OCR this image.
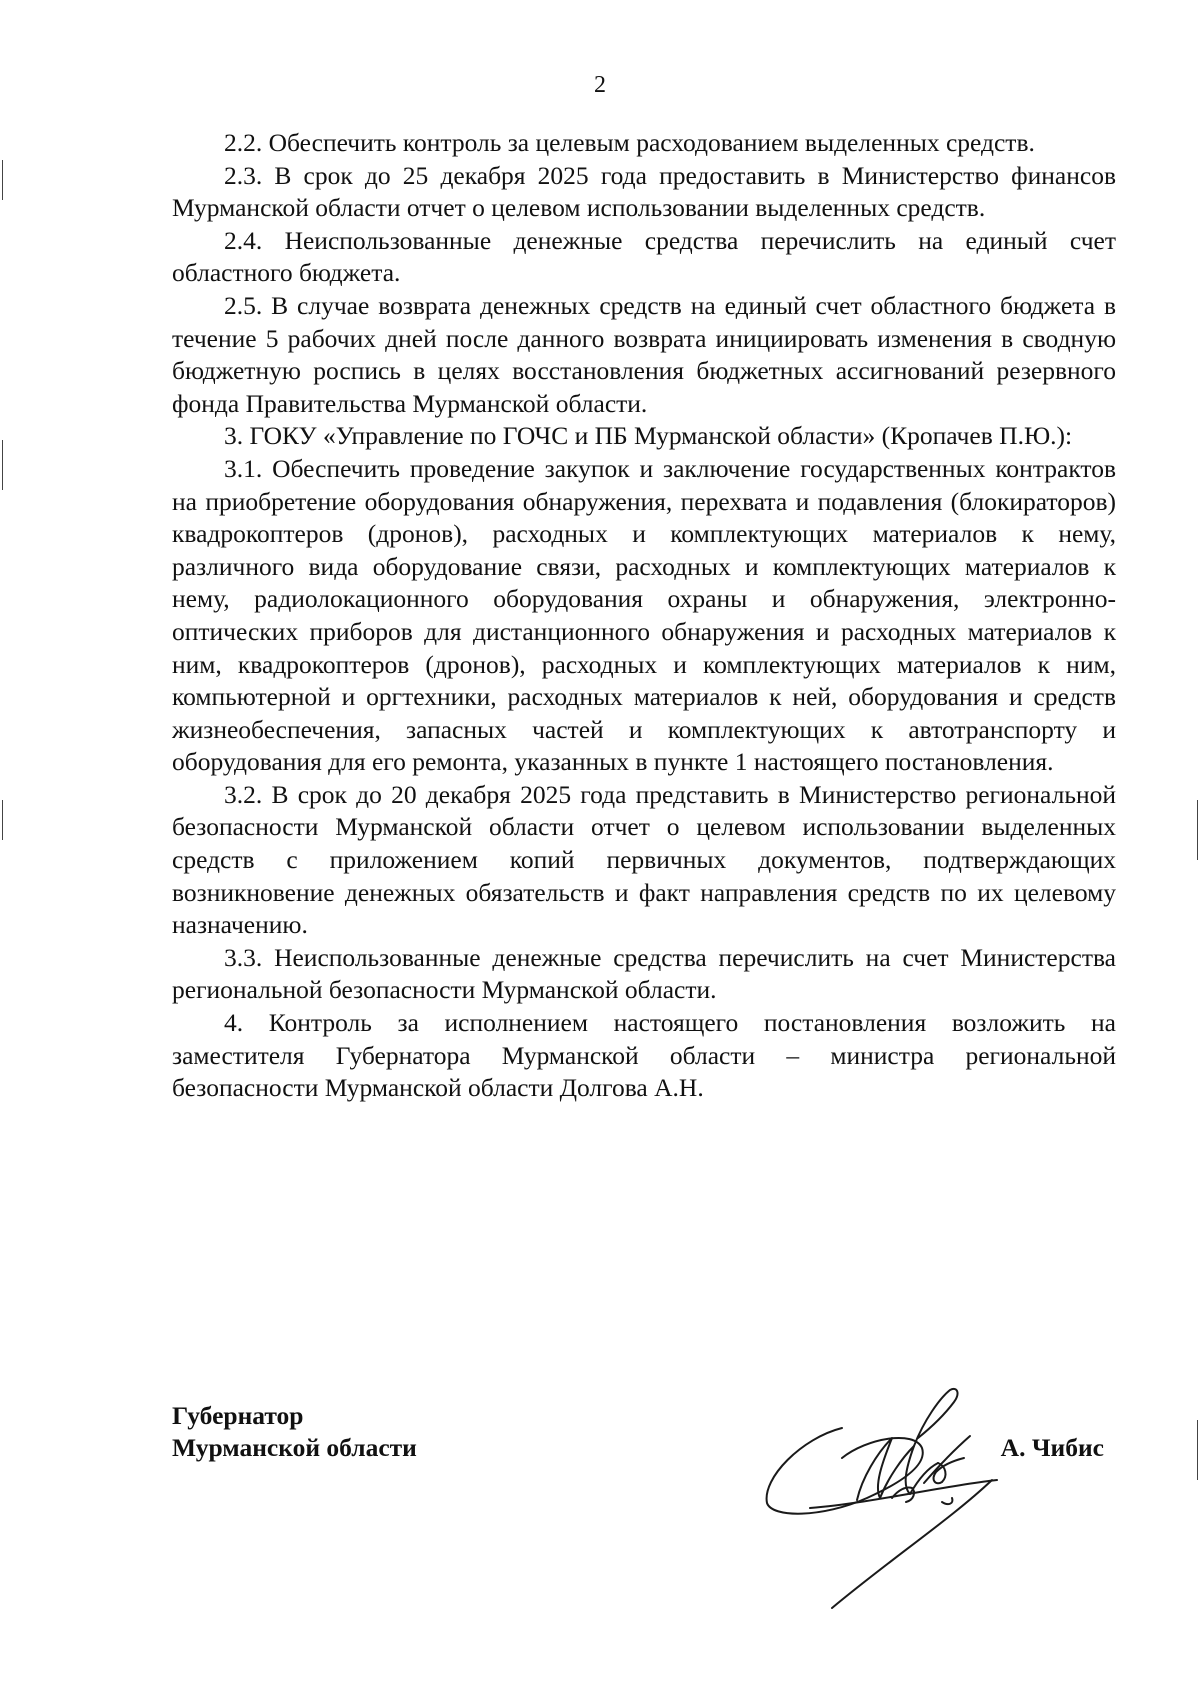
2

2.2. Обеспечить контроль за целевым расходованием выделенных средств.

2.3. В срок до 25 декабря 2025 года предоставить в Министерство финансов Мурманской области отчет о целевом использовании выделенных средств.

2.4. Неиспользованные денежные средства перечислить на единый счет областного бюджета.

2.5. В случае возврата денежных средств на единый счет областного бюджета в течение 5 рабочих дней после данного возврата инициировать изменения в сводную бюджетную роспись в целях восстановления бюджетных ассигнований резервного фонда Правительства Мурманской области.

3. ГОКУ «Управление по ГОЧС и ПБ Мурманской области» (Кропачев П.Ю.):

3.1. Обеспечить проведение закупок и заключение государственных контрактов на приобретение оборудования обнаружения, перехвата и подавления (блокираторов) квадрокоптеров (дронов), расходных и комплектующих материалов к нему, различного вида оборудование связи, расходных и комплектующих материалов к нему, радиолокационного оборудования охраны и обнаружения, электронно-оптических приборов для дистанционного обнаружения и расходных материалов к ним, квадрокоптеров (дронов), расходных и комплектующих материалов к ним, компьютерной и оргтехники, расходных материалов к ней, оборудования и средств жизнеобеспечения, запасных частей и комплектующих к автотранспорту и оборудования для его ремонта, указанных в пункте 1 настоящего постановления.

3.2. В срок до 20 декабря 2025 года представить в Министерство региональной безопасности Мурманской области отчет о целевом использовании выделенных средств с приложением копий первичных документов, подтверждающих возникновение денежных обязательств и факт направления средств по их целевому назначению.

3.3. Неиспользованные денежные средства перечислить на счет Министерства региональной безопасности Мурманской области.

4. Контроль за исполнением настоящего постановления возложить на заместителя Губернатора Мурманской области – министра региональной безопасности Мурманской области Долгова А.Н.

Губернатор
Мурманской области	А. Чибис
